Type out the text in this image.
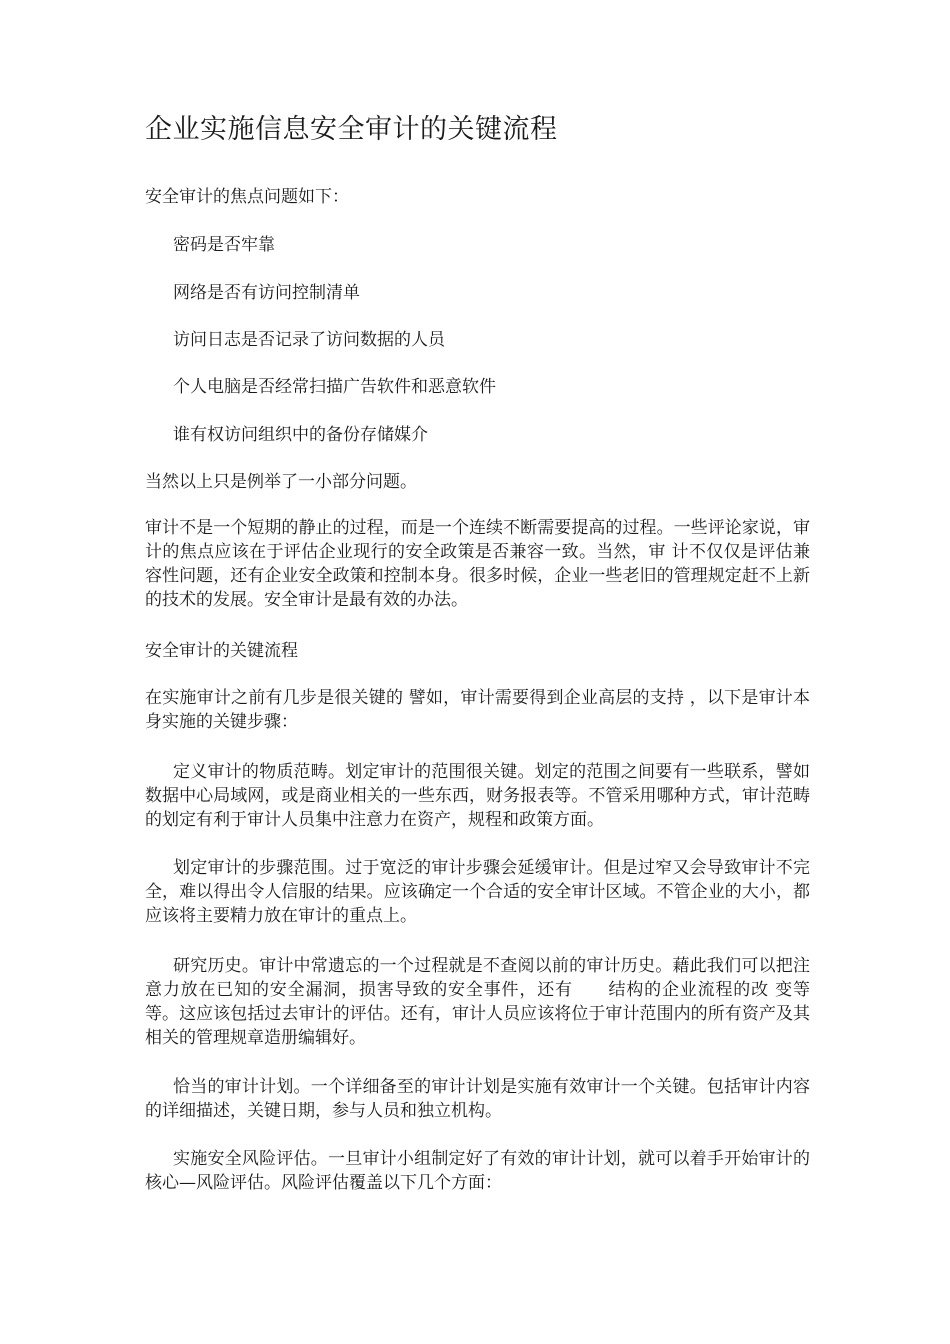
企业实施信息安全审计的关键流程
安全审计的焦点问题如下：
密码是否牢靠
网络是否有访问控制清单
访问日志是否记录了访问数据的人员
个人电脑是否经常扫描广告软件和恶意软件
谁有权访问组织中的备份存储媒介
当然以上只是例举了一小部分问题。
审计不是一个短期的静止的过程，而是一个连续不断需要提高的过程。一些评论家说，审计的焦点应该在于评估企业现行的安全政策是否兼容一致。当然，审 计不仅仅是评估兼容性问题，还有企业安全政策和控制本身。很多时候，企业一些老旧的管理规定赶不上新的技术的发展。安全审计是最有效的办法。
安全审计的关键流程
在实施审计之前有几步是很关键的 譬如，审计需要得到企业高层的支持 ，以下是审计本身实施的关键步骤：
定义审计的物质范畴。划定审计的范围很关键。划定的范围之间要有一些联系，譬如数据中心局域网，或是商业相关的一些东西，财务报表等。不管采用哪种方式，审计范畴的划定有利于审计人员集中注意力在资产，规程和政策方面。
划定审计的步骤范围。过于宽泛的审计步骤会延缓审计。但是过窄又会导致审计不完全，难以得出令人信服的结果。应该确定一个合适的安全审计区域。不管企业的大小，都应该将主要精力放在审计的重点上。
研究历史。审计中常遗忘的一个过程就是不查阅以前的审计历史。藉此我们可以把注意力放在已知的安全漏洞，损害导致的安全事件，还有　　结构的企业流程的改 变等等。这应该包括过去审计的评估。还有，审计人员应该将位于审计范围内的所有资产及其相关的管理规章造册编辑好。
恰当的审计计划。一个详细备至的审计计划是实施有效审计一个关键。包括审计内容的详细描述，关键日期，参与人员和独立机构。
实施安全风险评估。一旦审计小组制定好了有效的审计计划，就可以着手开始审计的核心—风险评估。风险评估覆盖以下几个方面：
